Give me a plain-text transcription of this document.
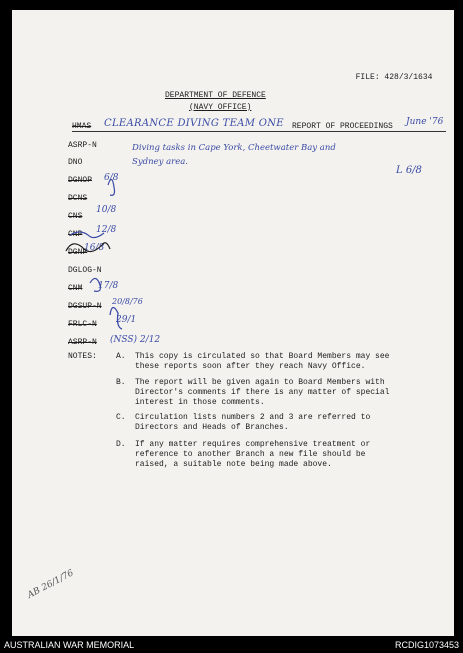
FILE: 428/3/1634

DEPARTMENT OF DEFENCE
(NAVY OFFICE)
HMAS CLEARANCE DIVING TEAM ONE REPORT OF PROCEEDINGS June '76
Diving tasks in Cape York, Cheetwater Bay and
Sydney area.
L 6/8
ASRP-N
DNO
DGNOP 6/8
DCNS
CNS
10/8
CNP 12/8
DGNP
16/8
DGLOG-N
CNM 17/8
DGSUP-N
20/8/76
FRLC-N 29/1
ASRP-N (NSS) 2/12
NOTES: A. This copy is circulated so that Board Members may see
these reports soon after they reach Navy Office.
B. The report will be given again to Board Members with
Director's comments if there is any matter of special
interest in those comments.
C. Circulation lists numbers 2 and 3 are referred to
Directors and Heads of Branches.
D. If any matter requires comprehensive treatment or
reference to another Branch a new file should be
raised, a suitable note being made above.
AB 26/1/76
AUSTRALIAN WAR MEMORIAL	RCDIG1073453
